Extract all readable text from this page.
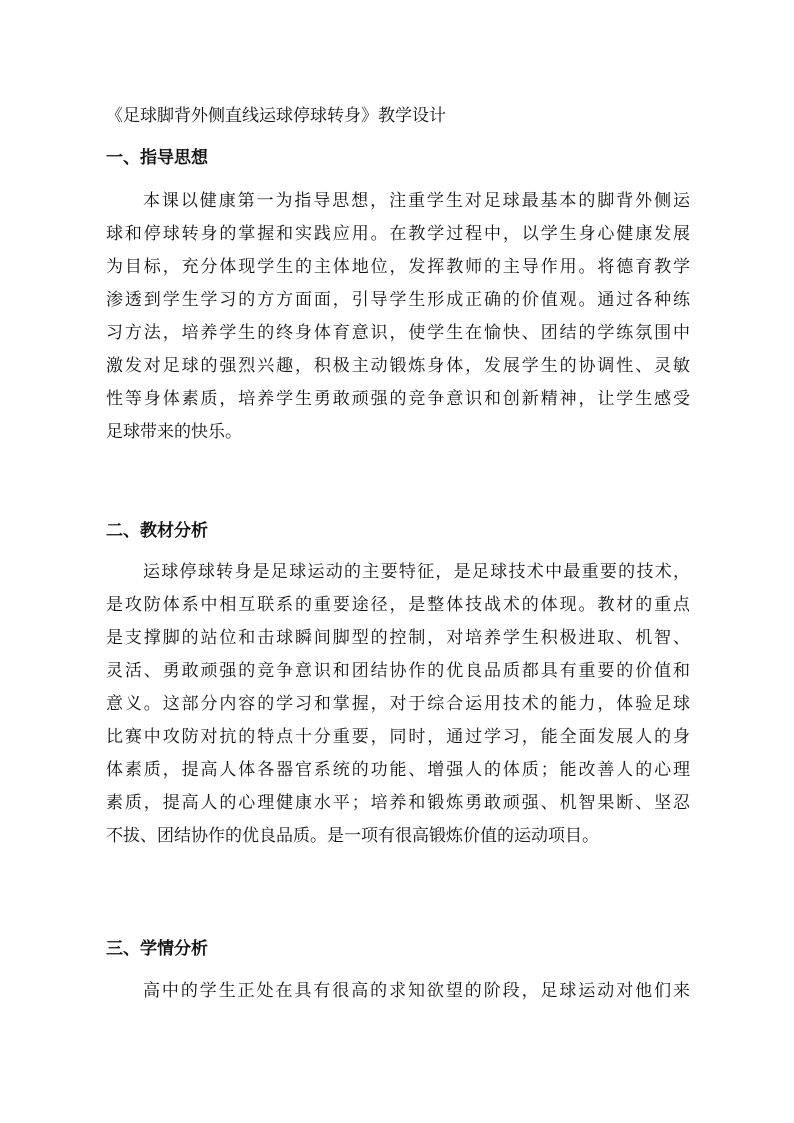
《足球脚背外侧直线运球停球转身》教学设计
一、指导思想
本课以健康第一为指导思想，注重学生对足球最基本的脚背外侧运
球和停球转身的掌握和实践应用。在教学过程中，以学生身心健康发展
为目标，充分体现学生的主体地位，发挥教师的主导作用。将德育教学
渗透到学生学习的方方面面，引导学生形成正确的价值观。通过各种练
习方法，培养学生的终身体育意识，使学生在愉快、团结的学练氛围中
激发对足球的强烈兴趣，积极主动锻炼身体，发展学生的协调性、灵敏
性等身体素质，培养学生勇敢顽强的竞争意识和创新精神，让学生感受
足球带来的快乐。
二、教材分析
运球停球转身是足球运动的主要特征，是足球技术中最重要的技术，
是攻防体系中相互联系的重要途径，是整体技战术的体现。教材的重点
是支撑脚的站位和击球瞬间脚型的控制，对培养学生积极进取、机智、
灵活、勇敢顽强的竞争意识和团结协作的优良品质都具有重要的价值和
意义。这部分内容的学习和掌握，对于综合运用技术的能力，体验足球
比赛中攻防对抗的特点十分重要，同时，通过学习，能全面发展人的身
体素质，提高人体各器官系统的功能、增强人的体质；能改善人的心理
素质，提高人的心理健康水平；培养和锻炼勇敢顽强、机智果断、坚忍
不拔、团结协作的优良品质。是一项有很高锻炼价值的运动项目。
三、学情分析
高中的学生正处在具有很高的求知欲望的阶段，足球运动对他们来
